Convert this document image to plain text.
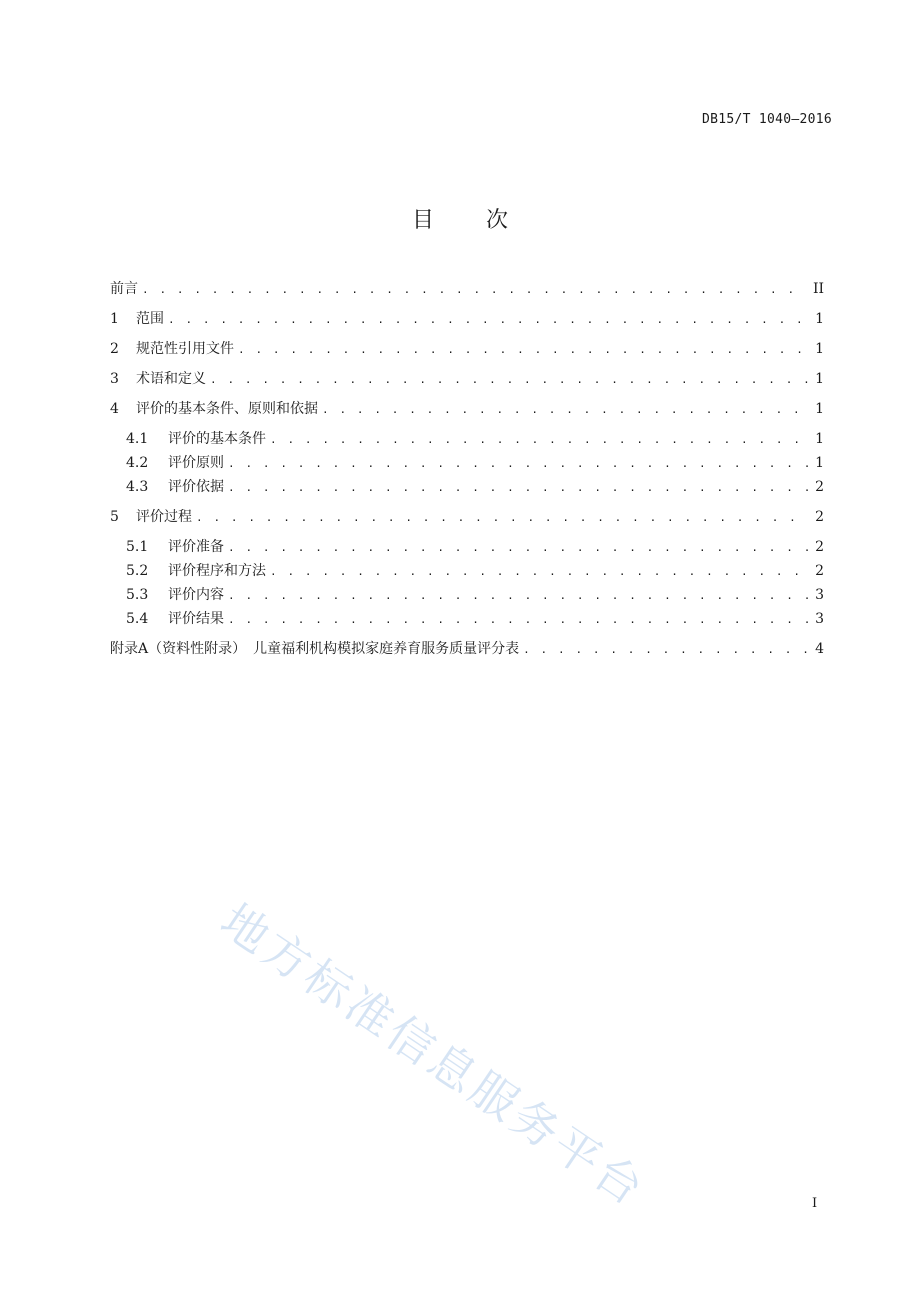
DB15/T 1040—2016
目 次
前言 . . .	II
1	范围 . . .	1
2	规范性引用文件 . . .	1
3	术语和定义 . . .	1
4	评价的基本条件、原则和依据 . . .	1
4.1	评价的基本条件 . . .	1
4.2	评价原则 . . .	1
4.3	评价依据 . . .	2
5	评价过程 . . .	2
5.1	评价准备 . . .	2
5.2	评价程序和方法 . . .	2
5.3	评价内容 . . .	3
5.4	评价结果 . . .	3
附录A（资料性附录）　儿童福利机构模拟家庭养育服务质量评分表 . . .	4
地方标准信息服务平台	I
